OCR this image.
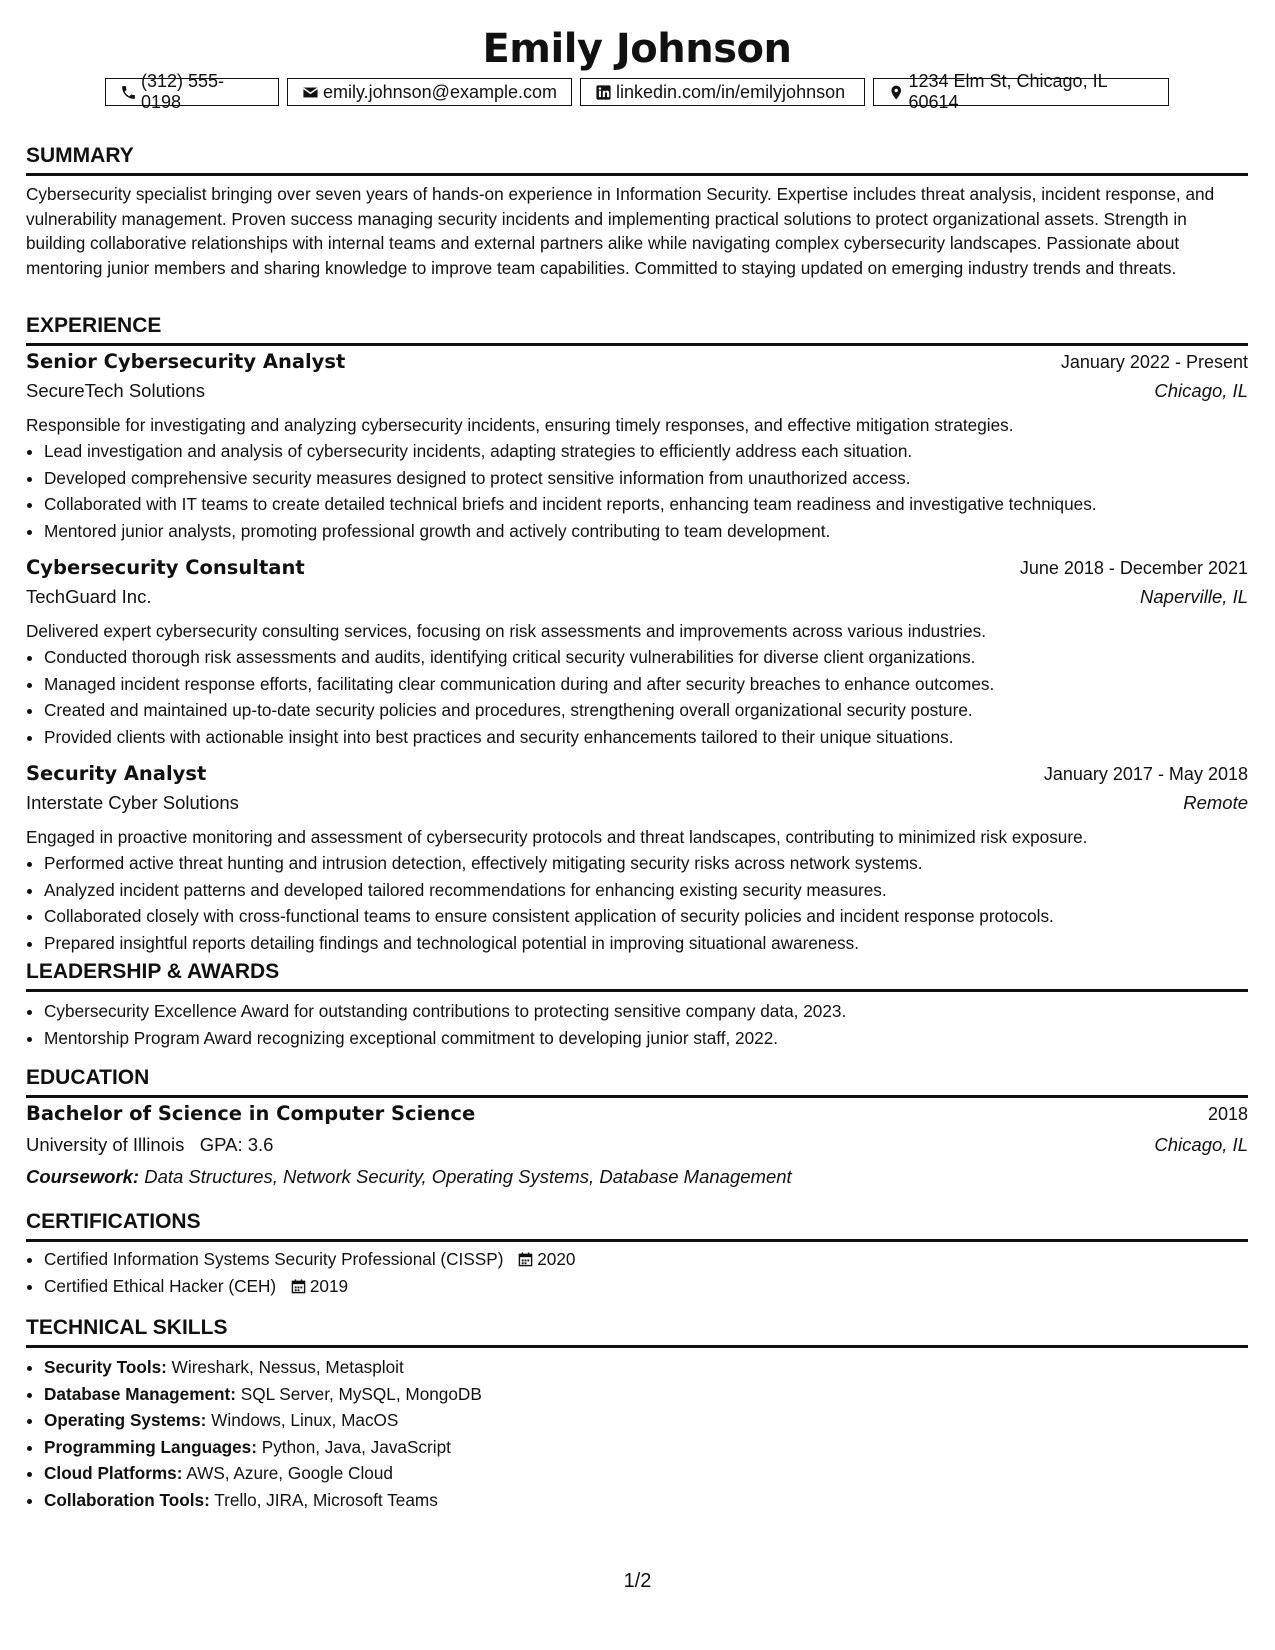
Emily Johnson
(312) 555-0198
emily.johnson@example.com	linkedin.com/in/emilyjohnson
1234 Elm St, Chicago, IL 60614
SUMMARY

Cybersecurity specialist bringing over seven years of hands-on experience in Information Security. Expertise includes threat analysis, incident response, and vulnerability management. Proven success managing security incidents and implementing practical solutions to protect organizational assets. Strength in building collaborative relationships with internal teams and external partners alike while navigating complex cybersecurity landscapes. Passionate about mentoring junior members and sharing knowledge to improve team capabilities. Committed to staying updated on emerging industry trends and threats.

EXPERIENCE
Senior Cybersecurity Analyst	January 2022 - Present
SecureTech Solutions	Chicago, IL

Responsible for investigating and analyzing cybersecurity incidents, ensuring timely responses, and effective mitigation strategies.

• Lead investigation and analysis of cybersecurity incidents, adapting strategies to efficiently address each situation.
• Developed comprehensive security measures designed to protect sensitive information from unauthorized access.
• Collaborated with IT teams to create detailed technical briefs and incident reports, enhancing team readiness and investigative techniques.
• Mentored junior analysts, promoting professional growth and actively contributing to team development.
Cybersecurity Consultant	June 2018 - December 2021
TechGuard Inc.	Naperville, IL

Delivered expert cybersecurity consulting services, focusing on risk assessments and improvements across various industries.

• Conducted thorough risk assessments and audits, identifying critical security vulnerabilities for diverse client organizations.
• Managed incident response efforts, facilitating clear communication during and after security breaches to enhance outcomes.
• Created and maintained up-to-date security policies and procedures, strengthening overall organizational security posture.
• Provided clients with actionable insight into best practices and security enhancements tailored to their unique situations.
Security Analyst	January 2017 - May 2018
Interstate Cyber Solutions	Remote

Engaged in proactive monitoring and assessment of cybersecurity protocols and threat landscapes, contributing to minimized risk exposure.

• Performed active threat hunting and intrusion detection, effectively mitigating security risks across network systems.
• Analyzed incident patterns and developed tailored recommendations for enhancing existing security measures.
• Collaborated closely with cross-functional teams to ensure consistent application of security policies and incident response protocols.
• Prepared insightful reports detailing findings and technological potential in improving situational awareness.
LEADERSHIP & AWARDS
• Cybersecurity Excellence Award for outstanding contributions to protecting sensitive company data, 2023.
• Mentorship Program Award recognizing exceptional commitment to developing junior staff, 2022.
EDUCATION
Bachelor of Science in Computer Science	2018
University of Illinois GPA: 3.6	Chicago, IL
Coursework: Data Structures, Network Security, Operating Systems, Database Management
CERTIFICATIONS
• Certified Information Systems Security Professional (CISSP) 2020
• Certified Ethical Hacker (CEH) 2019
TECHNICAL SKILLS
• Security Tools: Wireshark, Nessus, Metasploit
• Database Management: SQL Server, MySQL, MongoDB
• Operating Systems: Windows, Linux, MacOS
• Programming Languages: Python, Java, JavaScript
• Cloud Platforms: AWS, Azure, Google Cloud
• Collaboration Tools: Trello, JIRA, Microsoft Teams
1/2
